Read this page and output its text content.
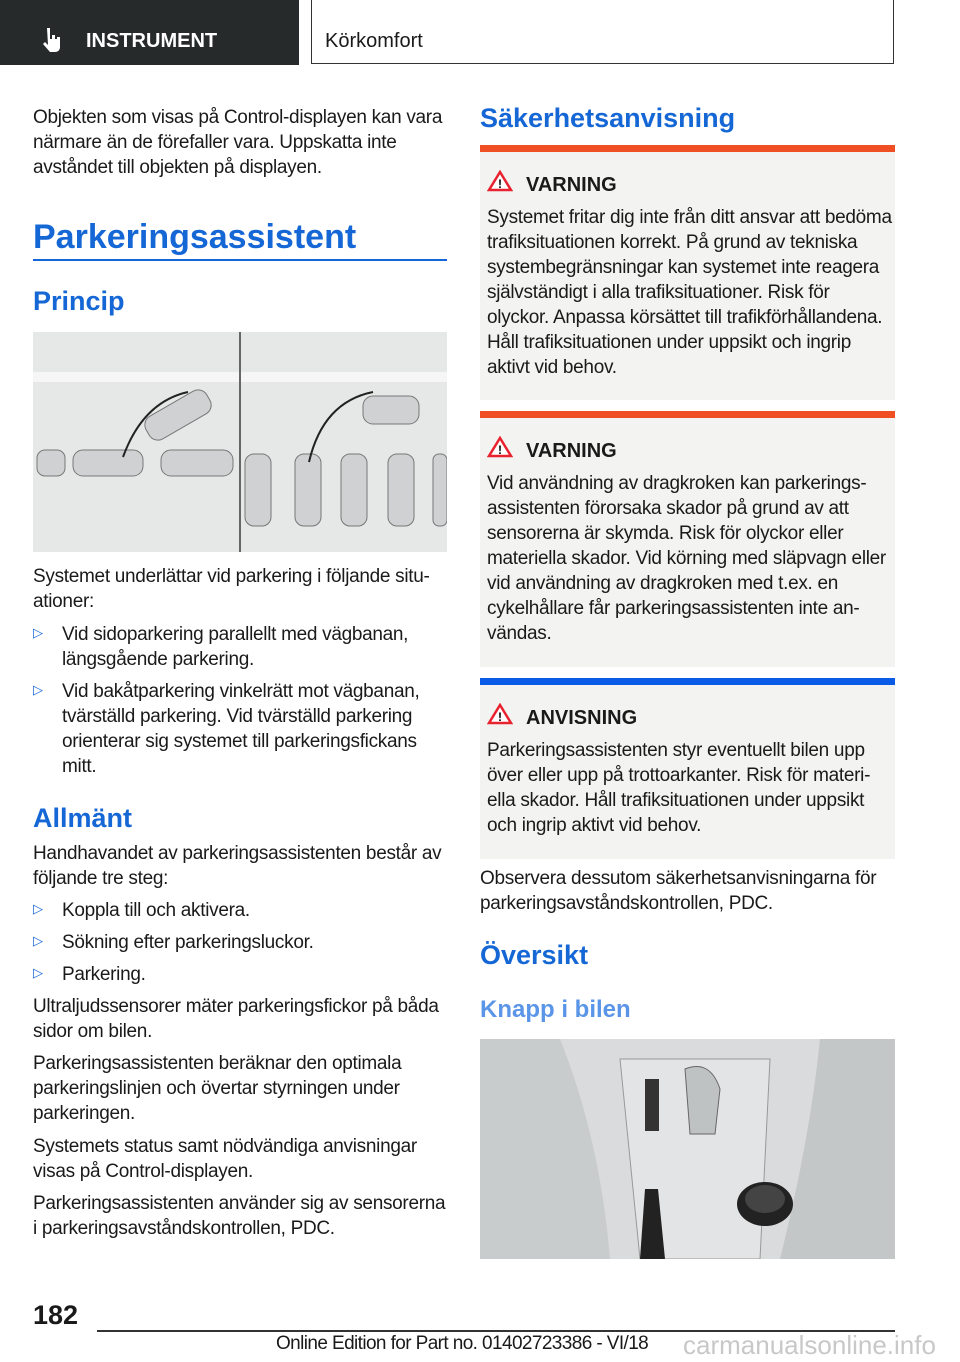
INSTRUMENT	Körkomfort

Objekten som visas på Control-displayen kan vara närmare än de förefaller vara. Uppskatta inte avståndet till objekten på displayen.

Parkeringsassistent
Princip

Systemet underlättar vid parkering i följande situationer:

▷ Vid sidoparkering parallellt med vägbanan, längsgående parkering.

▷ Vid bakåtparkering vinkelrätt mot vägbanan, tvärställd parkering. Vid tvärställd parkering orienterar sig systemet till parkeringsfickans mitt.

Allmänt

Handhavandet av parkeringsassistenten består av följande tre steg:

▷ Koppla till och aktivera.

▷ Sökning efter parkeringsluckor.

▷ Parkering.

Ultraljudssensorer mäter parkeringsfickor på båda sidor om bilen.

Parkeringsassistenten beräknar den optimala parkeringslinjen och övertar styrningen under parkeringen.

Systemets status samt nödvändiga anvisningar visas på Control-displayen.

Parkeringsassistenten använder sig av sensorerna i parkeringsavståndskontrollen, PDC.

Säkerhetsanvisning
! VARNING

Systemet fritar dig inte från ditt ansvar att bedöma trafiksituationen korrekt. På grund av tekniska systembegränsningar kan systemet inte reagera självständigt i alla trafiksituationer. Risk för olyckor. Anpassa körsättet till trafikförhållandena. Håll trafiksituationen under uppsikt och ingrip aktivt vid behov.

! VARNING

Vid användning av dragkroken kan parkeringsassistenten förorsaka skador på grund av att sensorerna är skymda. Risk för olyckor eller materiella skador. Vid körning med släpvagn eller vid användning av dragkroken med t.ex. en cykelhållare får parkeringsassistenten inte användas.

! ANVISNING

Parkeringsassistenten styr eventuellt bilen upp över eller upp på trottoarkanter. Risk för materiella skador. Håll trafiksituationen under uppsikt och ingrip aktivt vid behov.

Observera dessutom säkerhetsanvisningarna för parkeringsavståndskontrollen, PDC.

Översikt
Knapp i bilen
182
Online Edition for Part no. 01402723386 - VI/18 carmanualsonline.info
